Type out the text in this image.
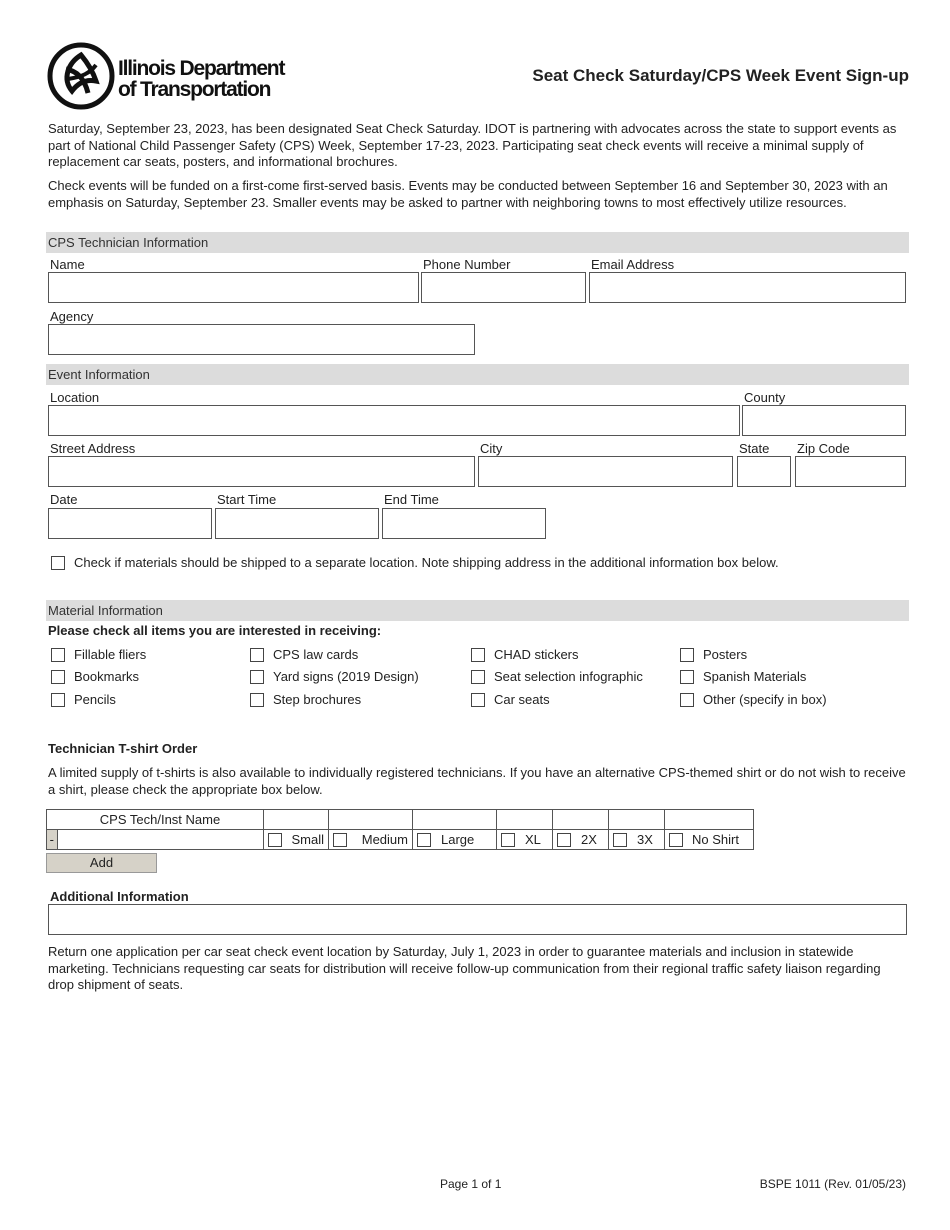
Illinois Department
of Transportation
Seat Check Saturday/CPS Week Event Sign-up
Saturday, September 23, 2023, has been designated Seat Check Saturday. IDOT is partnering with advocates across the state to support events as part of National Child Passenger Safety (CPS) Week, September 17-23, 2023. Participating seat check events will receive a minimal supply of replacement car seats, posters, and informational brochures.
Check events will be funded on a first-come first-served basis. Events may be conducted between September 16 and September 30, 2023 with an emphasis on Saturday, September 23. Smaller events may be asked to partner with neighboring towns to most effectively utilize resources.
CPS Technician Information
Name	Phone Number	Email Address
Agency
Event Information
Location	County
Street Address	City	State Zip Code
Date	Start Time	End Time
Check if materials should be shipped to a separate location. Note shipping address in the additional information box below.
Material Information
Please check all items you are interested in receiving:
Fillable fliers
Bookmarks
Pencils
CPS law cards
Yard signs (2019 Design)
Step brochures
CHAD stickers
Seat selection infographic
Car seats
Posters
Spanish Materials
Other (specify in box)
Technician T-shirt Order
A limited supply of t-shirts is also available to individually registered technicians. If you have an alternative CPS-themed shirt or do not wish to receive a shirt, please check the appropriate box below.
	CPS Tech/Inst Name							
-		Small	Medium	Large	XL	2X	3X	No Shirt
Add
Additional Information
Return one application per car seat check event location by Saturday, July 1, 2023 in order to guarantee materials and inclusion in statewide marketing. Technicians requesting car seats for distribution will receive follow-up communication from their regional traffic safety liaison regarding drop shipment of seats.
Page 1 of 1	BSPE 1011 (Rev. 01/05/23)
